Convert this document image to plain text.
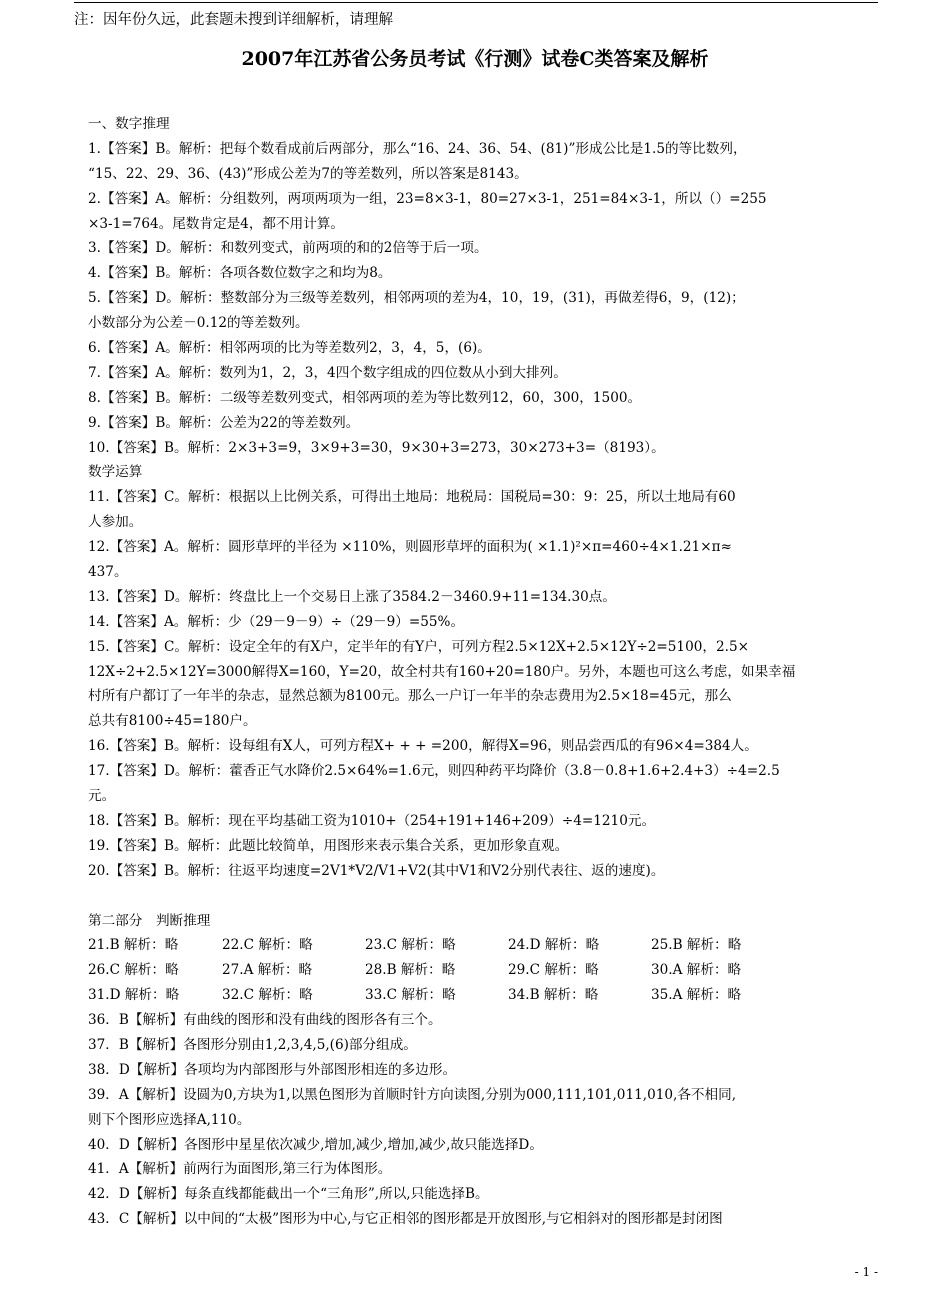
注：因年份久远，此套题未搜到详细解析，请理解
2007年江苏省公务员考试《行测》试卷C类答案及解析
一、数字推理
1.【答案】B。解析：把每个数看成前后两部分，那么“16、24、36、54、(81)”形成公比是1.5的等比数列，
“15、22、29、36、(43)”形成公差为7的等差数列，所以答案是8143。
2.【答案】A。解析：分组数列，两项两项为一组，23=8×3-1，80=27×3-1，251=84×3-1，所以（）=255
×3-1=764。尾数肯定是4，都不用计算。
3.【答案】D。解析：和数列变式，前两项的和的2倍等于后一项。
4.【答案】B。解析：各项各数位数字之和均为8。
5.【答案】D。解析：整数部分为三级等差数列，相邻两项的差为4，10，19，(31)，再做差得6，9，(12)；
小数部分为公差－0.12的等差数列。
6.【答案】A。解析：相邻两项的比为等差数列2，3，4，5，(6)。
7.【答案】A。解析：数列为1，2，3，4四个数字组成的四位数从小到大排列。
8.【答案】B。解析：二级等差数列变式，相邻两项的差为等比数列12，60，300，1500。
9.【答案】B。解析：公差为22的等差数列。
10.【答案】B。解析：2×3+3=9，3×9+3=30，9×30+3=273，30×273+3=（8193）。
数学运算
11.【答案】C。解析：根据以上比例关系，可得出土地局：地税局：国税局=30：9：25，所以土地局有60
人参加。
12.【答案】A。解析：圆形草坪的半径为 ×110%，则圆形草坪的面积为( ×1.1)²×π=460÷4×1.21×π≈
437。
13.【答案】D。解析：终盘比上一个交易日上涨了3584.2－3460.9+11=134.30点。
14.【答案】A。解析：少（29－9－9）÷（29－9）=55%。
15.【答案】C。解析：设定全年的有X户，定半年的有Y户，可列方程2.5×12X+2.5×12Y÷2=5100，2.5×
12X÷2+2.5×12Y=3000解得X=160，Y=20，故全村共有160+20=180户。另外，本题也可这么考虑，如果幸福
村所有户都订了一年半的杂志，显然总额为8100元。那么一户订一年半的杂志费用为2.5×18=45元，那么
总共有8100÷45=180户。
16.【答案】B。解析：设每组有X人，可列方程X+ + + =200，解得X=96，则品尝西瓜的有96×4=384人。
17.【答案】D。解析：藿香正气水降价2.5×64%=1.6元，则四种药平均降价（3.8－0.8+1.6+2.4+3）÷4=2.5
元。
18.【答案】B。解析：现在平均基础工资为1010+（254+191+146+209）÷4=1210元。
19.【答案】B。解析：此题比较简单，用图形来表示集合关系，更加形象直观。
20.【答案】B。解析：往返平均速度=2V1*V2/V1+V2(其中V1和V2分别代表往、返的速度)。
第二部分　判断推理
21.B 解析：略	22.C 解析：略	23.C 解析：略	24.D 解析：略	25.B 解析：略
26.C 解析：略	27.A 解析：略	28.B 解析：略	29.C 解析：略	30.A 解析：略
31.D 解析：略	32.C 解析：略	33.C 解析：略	34.B 解析：略	35.A 解析：略
36．B【解析】有曲线的图形和没有曲线的图形各有三个。
37．B【解析】各图形分别由1,2,3,4,5,(6)部分组成。
38．D【解析】各项均为内部图形与外部图形相连的多边形。
39．A【解析】设圆为0,方块为1,以黑色图形为首顺时针方向读图,分别为000,111,101,011,010,各不相同,
则下个图形应选择A,110。
40．D【解析】各图形中星星依次减少,增加,减少,增加,减少,故只能选择D。
41．A【解析】前两行为面图形,第三行为体图形。
42．D【解析】每条直线都能截出一个“三角形”,所以,只能选择B。
43．C【解析】以中间的“太极”图形为中心,与它正相邻的图形都是开放图形,与它相斜对的图形都是封闭图
- 1 -
